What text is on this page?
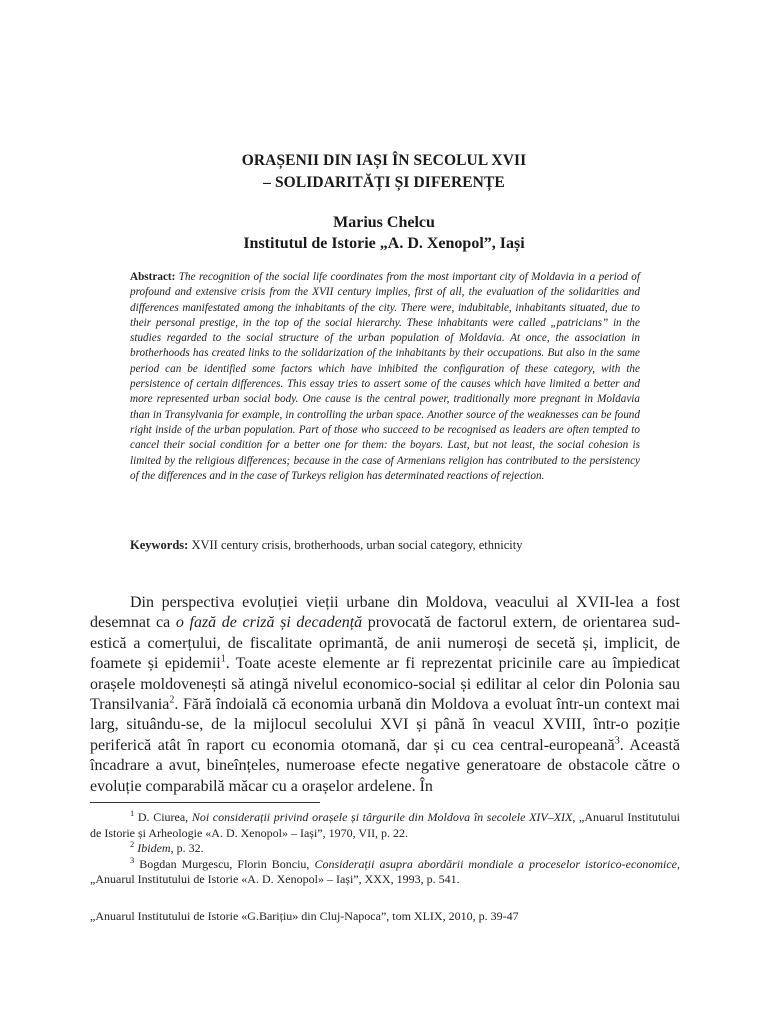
ORAȘENII DIN IAȘI ÎN SECOLUL XVII
– SOLIDARITĂȚI ȘI DIFERENȚE
Marius Chelcu
Institutul de Istorie „A. D. Xenopol”, Iași
Abstract: The recognition of the social life coordinates from the most important city of Moldavia in a period of profound and extensive crisis from the XVII century implies, first of all, the evaluation of the solidarities and differences manifestated among the inhabitants of the city. There were, indubitable, inhabitants situated, due to their personal prestige, in the top of the social hierarchy. These inhabitants were called „patricians” in the studies regarded to the social structure of the urban population of Moldavia. At once, the association in brotherhoods has created links to the solidarization of the inhabitants by their occupations. But also in the same period can be identified some factors which have inhibited the configuration of these category, with the persistence of certain differences. This essay tries to assert some of the causes which have limited a better and more represented urban social body. One cause is the central power, traditionally more pregnant in Moldavia than in Transylvania for example, in controlling the urban space. Another source of the weaknesses can be found right inside of the urban population. Part of those who succeed to be recognised as leaders are often tempted to cancel their social condition for a better one for them: the boyars. Last, but not least, the social cohesion is limited by the religious differences; because in the case of Armenians religion has contributed to the persistency of the differences and in the case of Turkeys religion has determinated reactions of rejection.
Keywords: XVII century crisis, brotherhoods, urban social category, ethnicity
Din perspectiva evoluției vieții urbane din Moldova, veacului al XVII-lea a fost desemnat ca o fază de criză și decadență provocată de factorul extern, de orientarea sud-estică a comerțului, de fiscalitate oprimantă, de anii numeroși de secetă și, implicit, de foamete și epidemii$^1$. Toate aceste elemente ar fi reprezentat pricinile care au împiedicat orașele moldovenești să atingă nivelul economico-social și edilitar al celor din Polonia sau Transilvania$^2$. Fără îndoială că economia urbană din Moldova a evoluat într-un context mai larg, situându-se, de la mijlocul secolului XVI și până în veacul XVIII, într-o poziție periferică atât în raport cu economia otomană, dar și cu cea central-europeană$^3$. Această încadrare a avut, bineînțeles, numeroase efecte negative generatoare de obstacole către o evoluție comparabilă măcar cu a orașelor ardelene. În

$^1$ D. Ciurea, Noi considerații privind orașele și târgurile din Moldova în secolele XIV–XIX, „Anuarul Institutului de Istorie și Arheologie «A. D. Xenopol» – Iași”, 1970, VII, p. 22.

$^2$ Ibidem, p. 32.

$^3$ Bogdan Murgescu, Florin Bonciu, Considerații asupra abordării mondiale a proceselor istorico-economice, „Anuarul Institutului de Istorie «A. D. Xenopol» – Iași”, XXX, 1993, p. 541.

„Anuarul Institutului de Istorie «G.Barițiu» din Cluj-Napoca”, tom XLIX, 2010, p. 39-47
